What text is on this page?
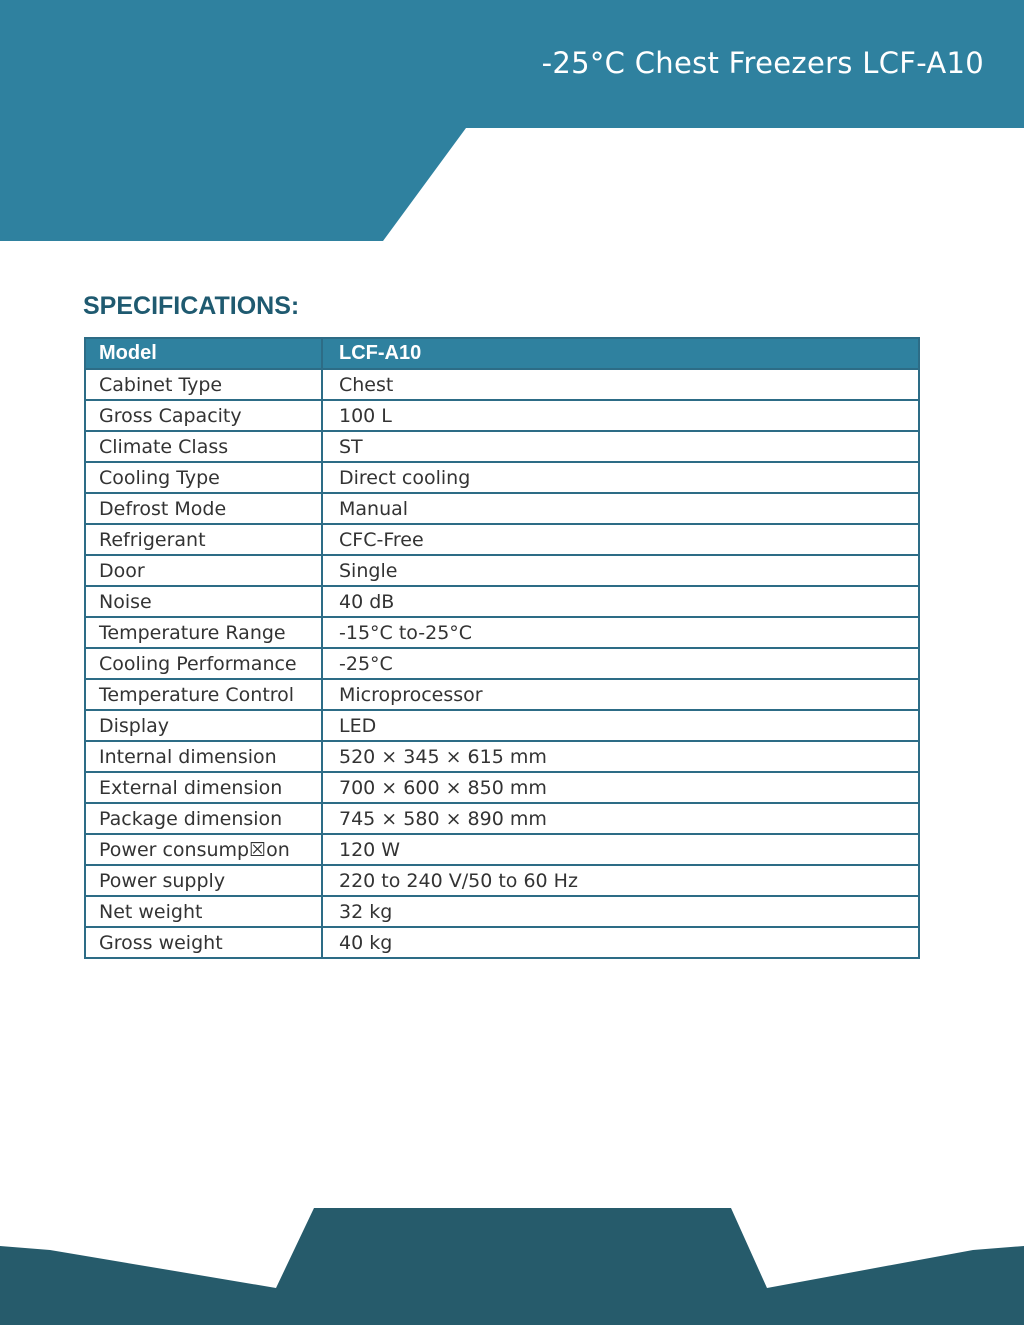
-25°C Chest Freezers LCF-A10
SPECIFICATIONS:
Model	LCF-A10
Cabinet Type	Chest
Gross Capacity	100 L
Climate Class	ST
Cooling Type	Direct cooling
Defrost Mode	Manual
Refrigerant	CFC-Free
Door	Single
Noise	40 dB
Temperature Range	-15°C to-25°C
Cooling Performance	-25°C
Temperature Control	Microprocessor
Display	LED
Internal dimension	520 × 345 × 615 mm
External dimension	700 × 600 × 850 mm
Package dimension	745 × 580 × 890 mm
Power consump☒on	120 W
Power supply	220 to 240 V/50 to 60 Hz
Net weight	32 kg
Gross weight	40 kg
